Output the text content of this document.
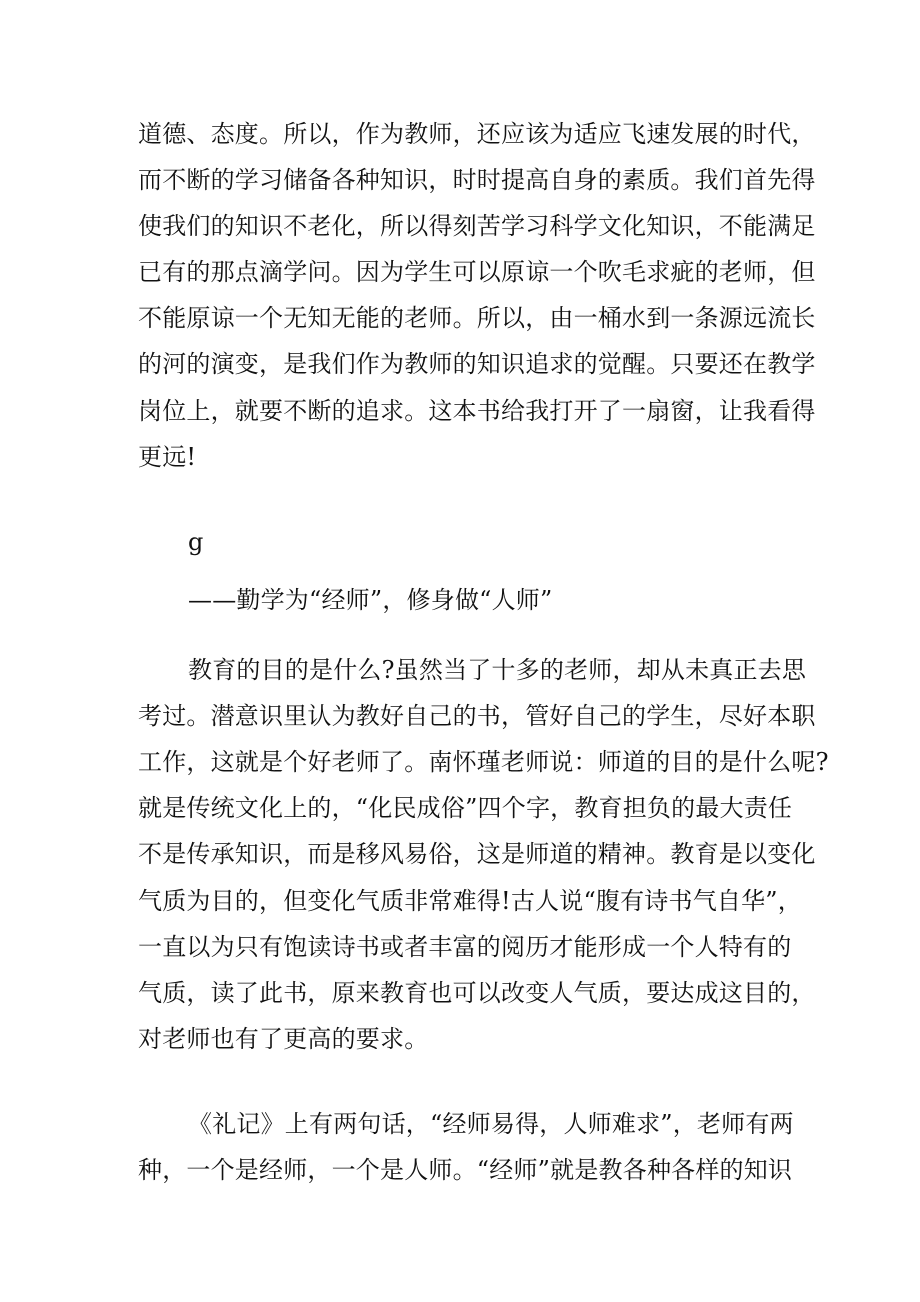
道德、态度。所以，作为教师，还应该为适应飞速发展的时代，
而不断的学习储备各种知识，时时提高自身的素质。我们首先得
使我们的知识不老化，所以得刻苦学习科学文化知识，不能满足
已有的那点滴学问。因为学生可以原谅一个吹毛求疵的老师，但
不能原谅一个无知无能的老师。所以，由一桶水到一条源远流长
的河的演变，是我们作为教师的知识追求的觉醒。只要还在教学
岗位上，就要不断的追求。这本书给我打开了一扇窗，让我看得
更远!
g
——勤学为“经师”，修身做“人师”
教育的目的是什么?虽然当了十多的老师，却从未真正去思
考过。潜意识里认为教好自己的书，管好自己的学生，尽好本职
工作，这就是个好老师了。南怀瑾老师说：师道的目的是什么呢?
就是传统文化上的，“化民成俗”四个字，教育担负的最大责任
不是传承知识，而是移风易俗，这是师道的精神。教育是以变化
气质为目的，但变化气质非常难得!古人说“腹有诗书气自华”，
一直以为只有饱读诗书或者丰富的阅历才能形成一个人特有的
气质，读了此书，原来教育也可以改变人气质，要达成这目的，
对老师也有了更高的要求。
《礼记》上有两句话，“经师易得，人师难求”，老师有两
种，一个是经师，一个是人师。“经师”就是教各种各样的知识
